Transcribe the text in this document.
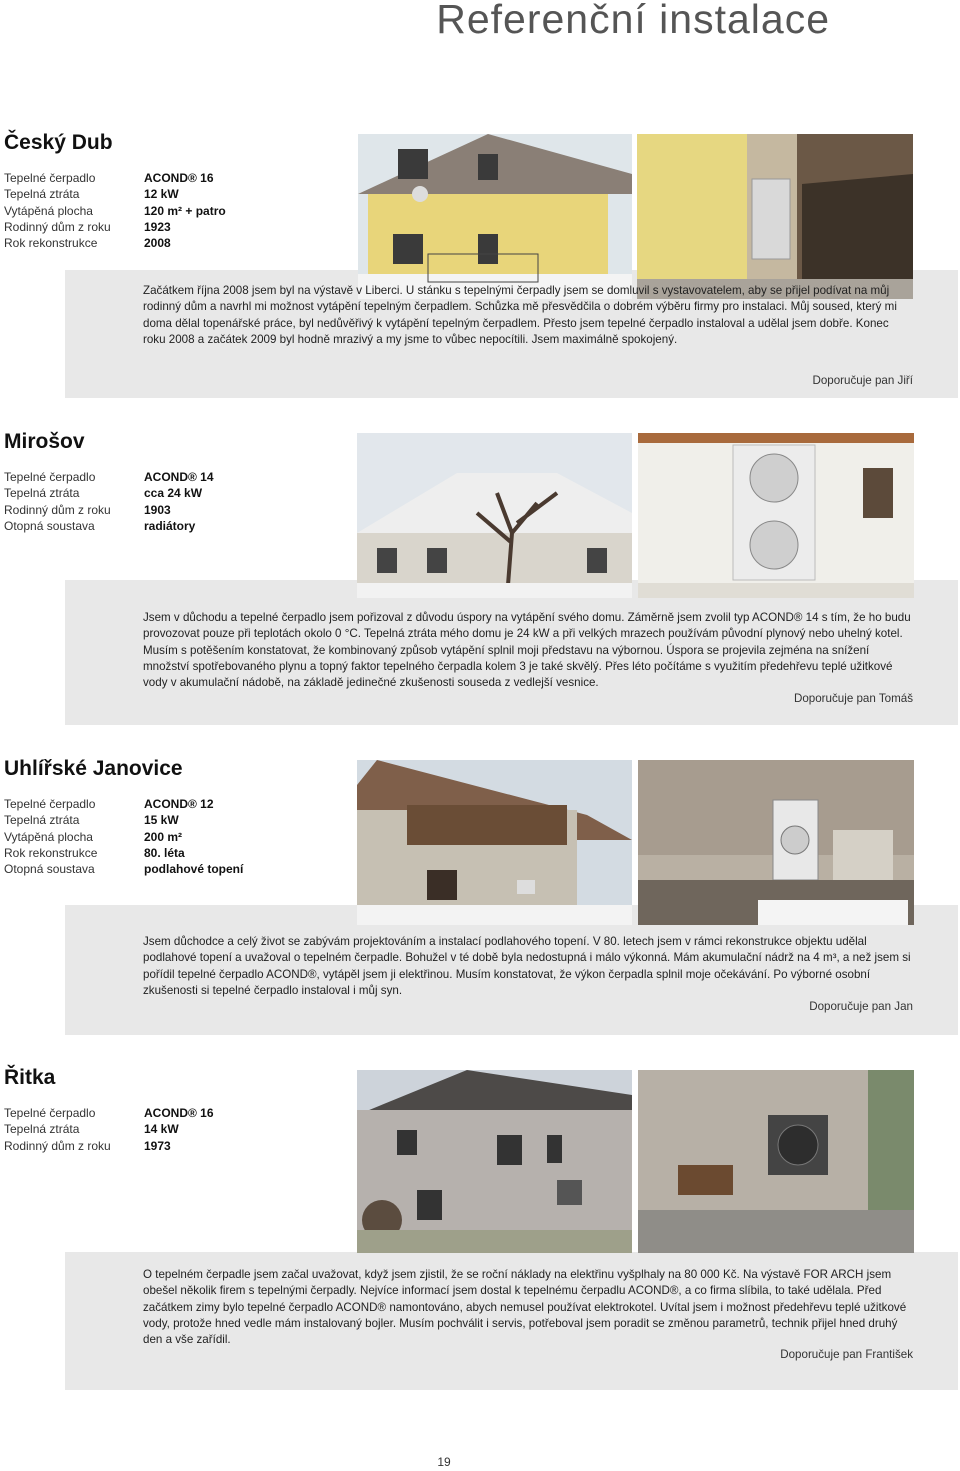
Referenční instalace
Český Dub
Tepelné čerpadlo	ACOND® 16
Tepelná ztráta	12 kW
Vytápěná plocha	120 m² + patro
Rodinný dům z roku	1923
Rok rekonstrukce	2008
Začátkem října 2008 jsem byl na výstavě v Liberci. U stánku s tepelnými čerpadly jsem se domluvil s vystavovatelem, aby se přijel podívat na můj rodinný dům a navrhl mi možnost vytápění tepelným čerpadlem. Schůzka mě přesvědčila o dobrém výběru firmy pro instalaci. Můj soused, který mi doma dělal topenářské práce, byl nedůvěřivý k vytápění tepelným čerpadlem. Přesto jsem tepelné čerpadlo instaloval a udělal jsem dobře. Konec roku 2008 a začátek 2009 byl hodně mrazivý a my jsme to vůbec nepocítili. Jsem maximálně spokojený.
Doporučuje pan Jiří
Mirošov
Tepelné čerpadlo	ACOND® 14
Tepelná ztráta	cca 24 kW
Rodinný dům z roku	1903
Otopná soustava	radiátory
Jsem v důchodu a tepelné čerpadlo jsem pořizoval z důvodu úspory na vytápění svého domu. Záměrně jsem zvolil typ ACOND® 14 s tím, že ho budu provozovat pouze při teplotách okolo 0 °C. Tepelná ztráta mého domu je 24 kW a při velkých mrazech používám původní plynový nebo uhelný kotel. Musím s potěšením konstatovat, že kombinovaný způsob vytápění splnil moji představu na výbornou. Úspora se projevila zejména na snížení množství spotřebovaného plynu a topný faktor tepelného čerpadla kolem 3 je také skvělý. Přes léto počítáme s využitím předehřevu teplé užitkové vody v akumulační nádobě, na základě jedinečné zkušenosti souseda z vedlejší vesnice.
Doporučuje pan Tomáš
Uhlířské Janovice
Tepelné čerpadlo	ACOND® 12
Tepelná ztráta	15 kW
Vytápěná plocha	200 m²
Rok rekonstrukce	80. léta
Otopná soustava	podlahové topení
Jsem důchodce a celý život se zabývám projektováním a instalací podlahového topení. V 80. letech jsem v rámci rekonstrukce objektu udělal podlahové topení a uvažoval o tepelném čerpadle. Bohužel v té době byla nedostupná i málo výkonná. Mám akumulační nádrž na 4 m³, a než jsem si pořídil tepelné čerpadlo ACOND®, vytápěl jsem ji elektřinou. Musím konstatovat, že výkon čerpadla splnil moje očekávání. Po výborné osobní zkušenosti si tepelné čerpadlo instaloval i můj syn.
Doporučuje pan Jan
Řitka
Tepelné čerpadlo	ACOND® 16
Tepelná ztráta	14 kW
Rodinný dům z roku	1973
O tepelném čerpadle jsem začal uvažovat, když jsem zjistil, že se roční náklady na elektřinu vyšplhaly na 80 000 Kč. Na výstavě FOR ARCH jsem obešel několik firem s tepelnými čerpadly. Nejvíce informací jsem dostal k tepelnému čerpadlu ACOND®, a co firma slíbila, to také udělala. Před začátkem zimy bylo tepelné čerpadlo ACOND® namontováno, abych nemusel používat elektrokotel. Uvítal jsem i možnost předehřevu teplé užitkové vody, protože hned vedle mám instalovaný bojler. Musím pochválit i servis, potřeboval jsem poradit se změnou parametrů, technik přijel hned druhý den a vše zařídil.
Doporučuje pan František
19
